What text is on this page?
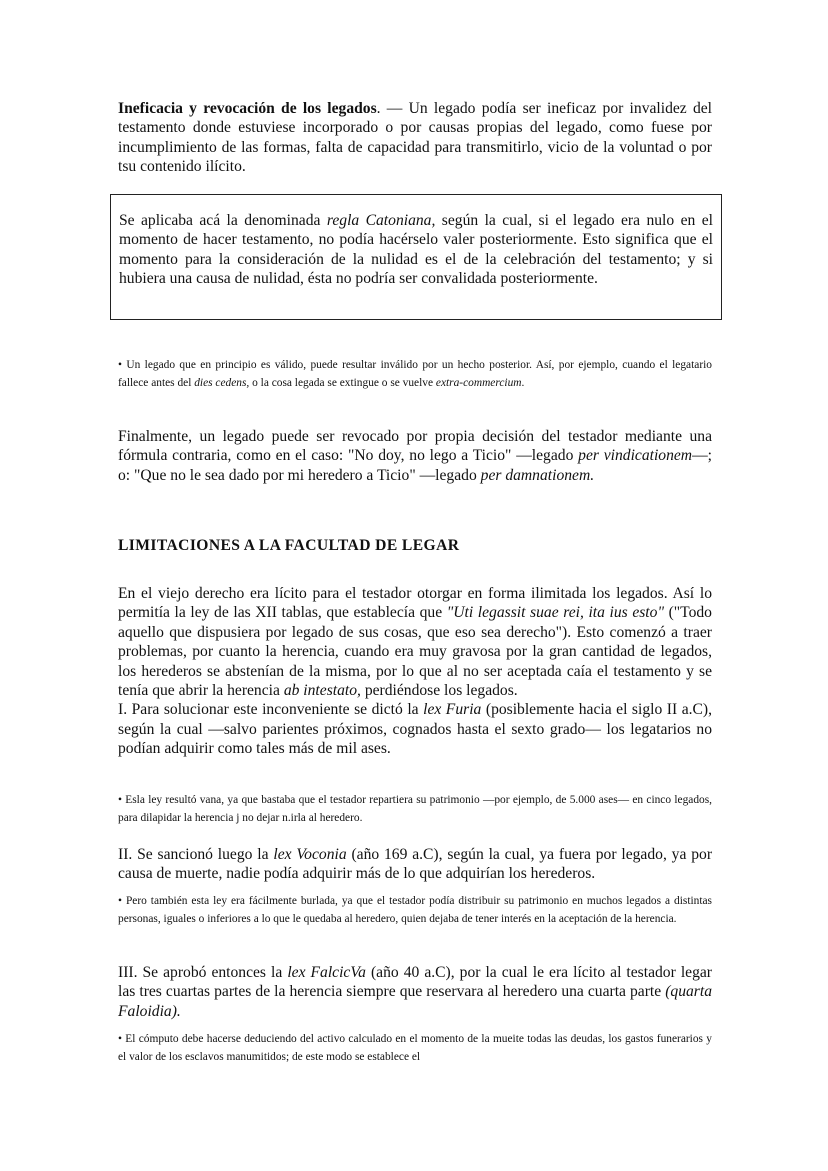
Ineficacia y revocación de los legados. — Un legado podía ser ineficaz por invalidez del testamento donde estuviese incorporado o por causas propias del legado, como fuese por incumplimiento de las formas, falta de capacidad para transmitirlo, vicio de la voluntad o por tsu contenido ilícito.
Se aplicaba acá la denominada regla Catoniana, según la cual, si el legado era nulo en el momento de hacer testamento, no podía hacérselo valer posteriormente. Esto significa que el momento para la consideración de la nulidad es el de la celebración del testamento; y si hubiera una causa de nulidad, ésta no podría ser convalidada posteriormente.
• Un legado que en principio es válido, puede resultar inválido por un hecho posterior. Así, por ejemplo, cuando el legatario fallece antes del dies cedens, o la cosa legada se extingue o se vuelve extra-commercium.
Finalmente, un legado puede ser revocado por propia decisión del testador mediante una fórmula contraria, como en el caso: "No doy, no lego a Ticio" —legado per vindicationem—; o: "Que no le sea dado por mi heredero a Ticio" —legado per damnationem.
LIMITACIONES A LA FACULTAD DE LEGAR
En el viejo derecho era lícito para el testador otorgar en forma ilimitada los legados. Así lo permitía la ley de las XII tablas, que establecía que "Uti legassit suae rei, ita ius esto" ("Todo aquello que dispusiera por legado de sus cosas, que eso sea derecho"). Esto comenzó a traer problemas, por cuanto la herencia, cuando era muy gravosa por la gran cantidad de legados, los herederos se abstenían de la misma, por lo que al no ser aceptada caía el testamento y se tenía que abrir la herencia ab intestato, perdiéndose los legados.
I. Para solucionar este inconveniente se dictó la lex Furia (posiblemente hacia el siglo II a.C), según la cual —salvo parientes próximos, cognados hasta el sexto grado— los legatarios no podían adquirir como tales más de mil ases.
• Esla ley resultó vana, ya que bastaba que el testador repartiera su patrimonio —por ejemplo, de 5.000 ases— en cinco legados, para dilapidar la herencia j no dejar n.irla al heredero.
II. Se sancionó luego la lex Voconia (año 169 a.C), según la cual, ya fuera por legado, ya por causa de muerte, nadie podía adquirir más de lo que adquirían los herederos.
• Pero también esta ley era fácilmente burlada, ya que el testador podía distribuir su patrimonio en muchos legados a distintas personas, iguales o inferiores a lo que le quedaba al heredero, quien dejaba de tener interés en la aceptación de la herencia.
III. Se aprobó entonces la lex FalcicVa (año 40 a.C), por la cual le era lícito al testador legar las tres cuartas partes de la herencia siempre que reservara al heredero una cuarta parte (quarta Faloidia).
• El cómputo debe hacerse deduciendo del activo calculado en el momento de la mueite todas las deudas, los gastos funerarios y el valor de los esclavos manumitidos; de este modo se establece el
